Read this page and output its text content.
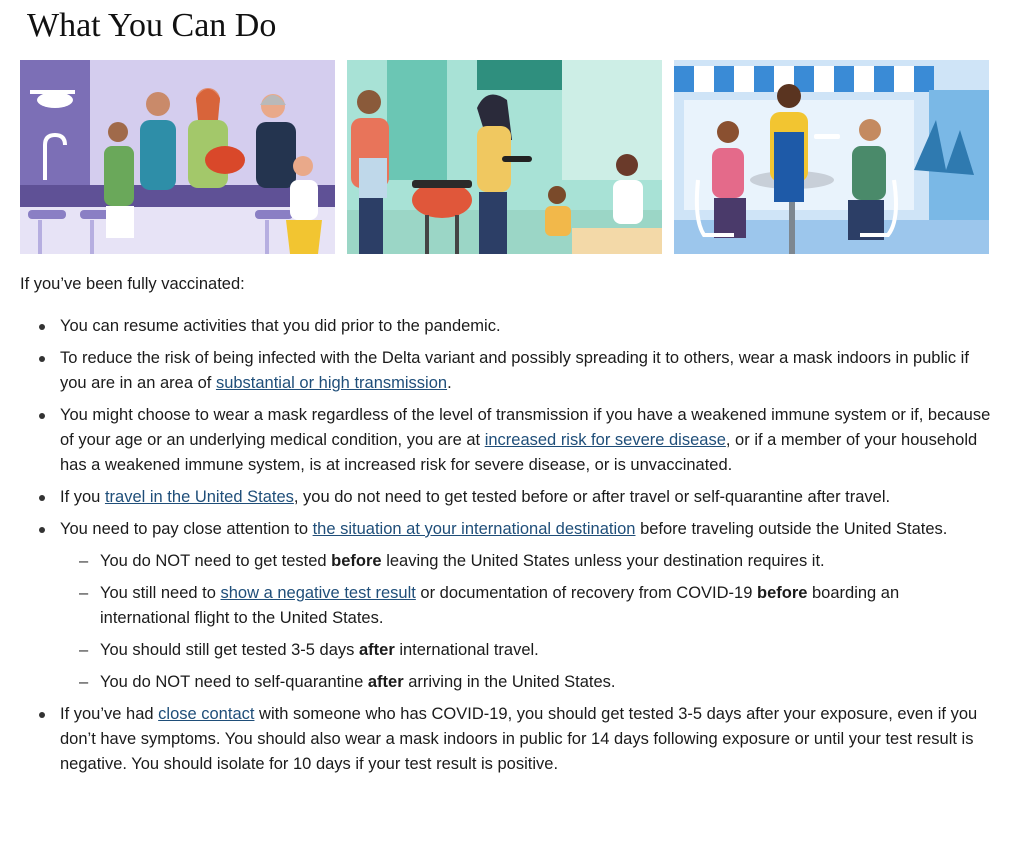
What You Can Do

If you’ve been fully vaccinated:

You can resume activities that you did prior to the pandemic.
To reduce the risk of being infected with the Delta variant and possibly spreading it to others, wear a mask indoors in public if you are in an area of substantial or high transmission.
You might choose to wear a mask regardless of the level of transmission if you have a weakened immune system or if, because of your age or an underlying medical condition, you are at increased risk for severe disease, or if a member of your household has a weakened immune system, is at increased risk for severe disease, or is unvaccinated.
If you travel in the United States, you do not need to get tested before or after travel or self-quarantine after travel.
You need to pay close attention to the situation at your international destination before traveling outside the United States.
– You do NOT need to get tested before leaving the United States unless your destination requires it.
– You still need to show a negative test result or documentation of recovery from COVID-19 before boarding an international flight to the United States.
– You should still get tested 3-5 days after international travel.
– You do NOT need to self-quarantine after arriving in the United States.
If you’ve had close contact with someone who has COVID-19, you should get tested 3-5 days after your exposure, even if you don’t have symptoms. You should also wear a mask indoors in public for 14 days following exposure or until your test result is negative. You should isolate for 10 days if your test result is positive.
